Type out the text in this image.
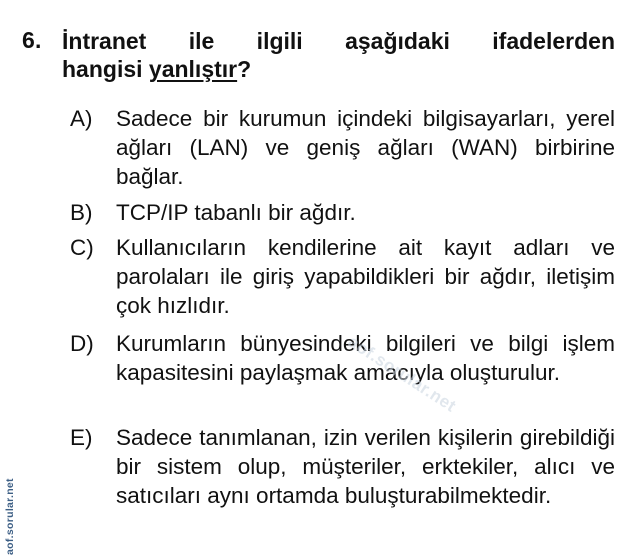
6. İntranet ile ilgili aşağıdaki ifadelerden
hangisi yanlıştır?
A)	Sadece bir kurumun içindeki bilgisayarları, yerel ağları (LAN) ve geniş ağları (WAN) birbirine bağlar.
B)	TCP/IP tabanlı bir ağdır.
C) Kullanıcıların kendilerine ait kayıt adları ve parolaları ile giriş yapabildikleri bir ağdır, iletişim çok hızlıdır.
D) Kurumların bünyesindeki bilgileri ve bilgi işlem kapasitesini paylaşmak amacıyla oluşturulur.
E)	Sadece tanımlanan, izin verilen kişilerin girebildiği bir sistem olup, müşteriler, erktekiler, alıcı ve satıcıları aynı ortamda buluşturabilmektedir.
aof.sorular.net
aof.sorular.net
